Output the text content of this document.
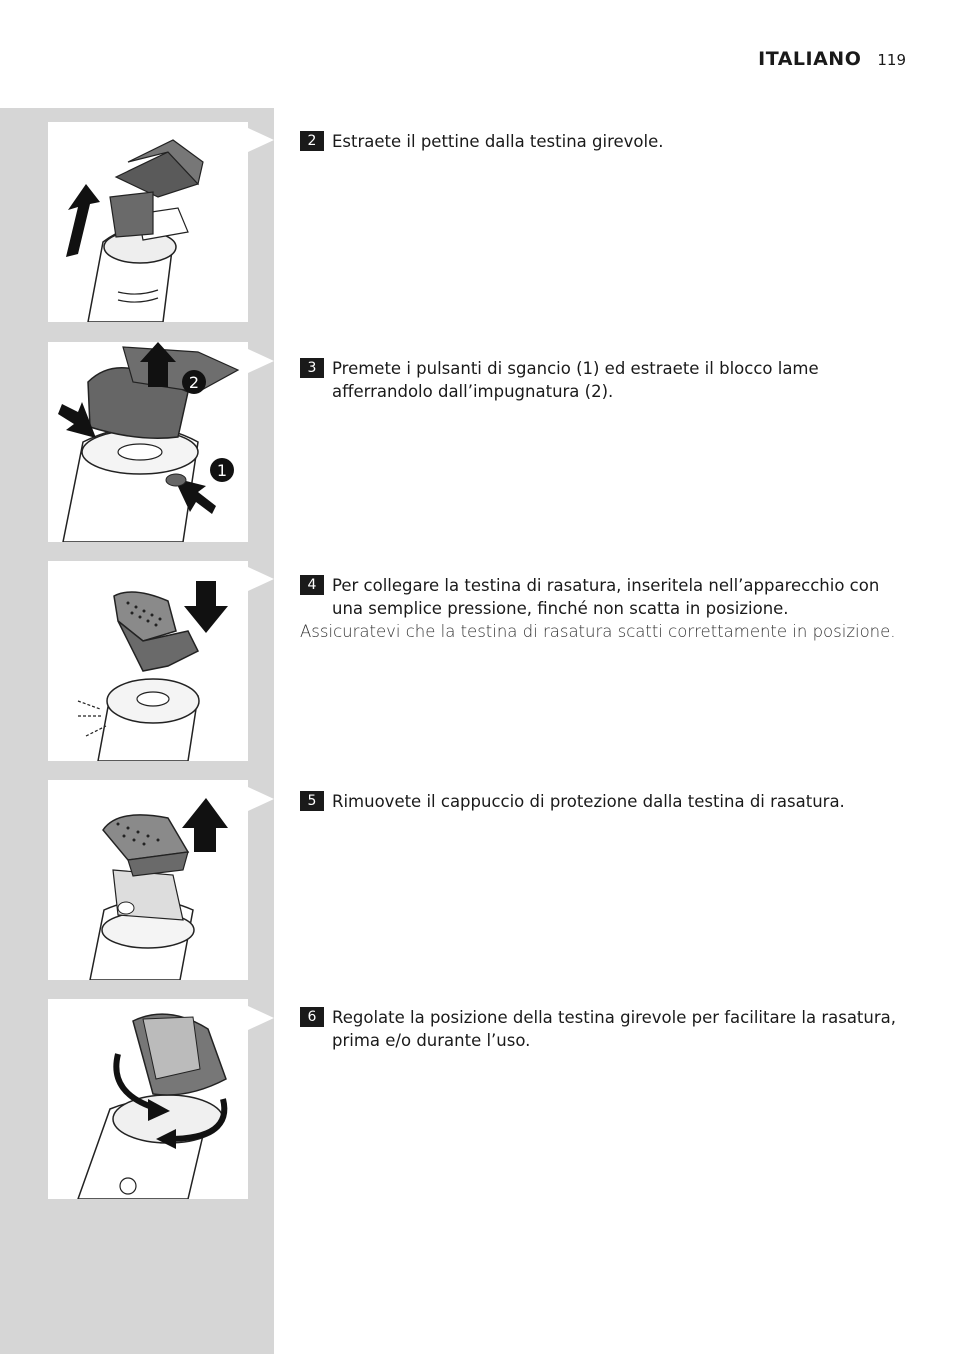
ITALIANO 119
2
1
2 Estraete il pettine dalla testina girevole.
3 Premete i pulsanti di sgancio (1) ed estraete il blocco lame afferrandolo dall’impugnatura (2).
4 Per collegare la testina di rasatura, inseritela nell’apparecchio con una semplice pressione, finché non scatta in posizione.
Assicuratevi che la testina di rasatura scatti correttamente in posizione.
5 Rimuovete il cappuccio di protezione dalla testina di rasatura.
6 Regolate la posizione della testina girevole per facilitare la rasatura, prima e/o durante l’uso.
